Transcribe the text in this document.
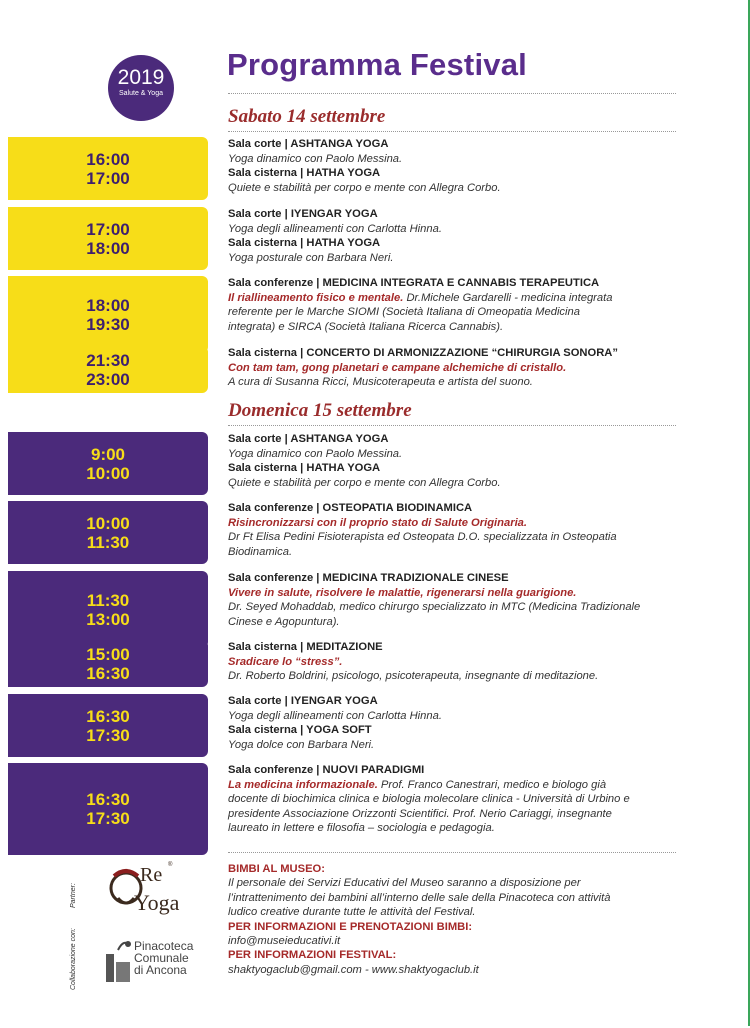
2019
Salute & Yoga
Programma Festival
Sabato 14 settembre
Domenica 15 settembre
16:00
17:00
Sala corte | ASHTANGA YOGA
Yoga dinamico con Paolo Messina.
Sala cisterna | HATHA YOGA
Quiete e stabilità per corpo e mente con Allegra Corbo.
17:00
18:00
Sala corte | IYENGAR YOGA
Yoga degli allineamenti con Carlotta Hinna.
Sala cisterna | HATHA YOGA
Yoga posturale con Barbara Neri.
18:00
19:30
Sala conferenze | MEDICINA INTEGRATA E CANNABIS TERAPEUTICA
Il riallineamento fisico e mentale. Dr.Michele Gardarelli - medicina integrata
referente per le Marche SIOMI (Società Italiana di Omeopatia Medicina
integrata) e SIRCA (Società Italiana Ricerca Cannabis).
21:30
23:00
Sala cisterna | CONCERTO DI ARMONIZZAZIONE “CHIRURGIA SONORA”
Con tam tam, gong planetari e campane alchemiche di cristallo.
A cura di Susanna Ricci, Musicoterapeuta e artista del suono.
9:00
10:00
Sala corte | ASHTANGA YOGA
Yoga dinamico con Paolo Messina.
Sala cisterna | HATHA YOGA
Quiete e stabilità per corpo e mente con Allegra Corbo.
10:00
11:30
Sala conferenze | OSTEOPATIA BIODINAMICA
Risincronizzarsi con il proprio stato di Salute Originaria.
Dr Ft Elisa Pedini Fisioterapista ed Osteopata D.O. specializzata in Osteopatia
Biodinamica.
11:30
13:00
Sala conferenze | MEDICINA TRADIZIONALE CINESE
Vivere in salute, risolvere le malattie, rigenerarsi nella guarigione.
Dr. Seyed Mohaddab, medico chirurgo specializzato in MTC (Medicina Tradizionale
Cinese e Agopuntura).
15:00
16:30
Sala cisterna | MEDITAZIONE
Sradicare lo “stress”.
Dr. Roberto Boldrini, psicologo, psicoterapeuta, insegnante di meditazione.
16:30
17:30
Sala corte | IYENGAR YOGA
Yoga degli allineamenti con Carlotta Hinna.
Sala cisterna | YOGA SOFT
Yoga dolce con Barbara Neri.
16:30
17:30
Sala conferenze | NUOVI PARADIGMI
La medicina informazionale. Prof. Franco Canestrari, medico e biologo già
docente di biochimica clinica e biologia molecolare clinica - Università di Urbino e
presidente Associazione Orizzonti Scientifici. Prof. Nerio Cariaggi, insegnante
laureato in lettere e filosofia – sociologia e pedagogia.
Partner:
Collaborazione con:
Re ®
Yoga
Pinacoteca
Comunale
di Ancona
BIMBI AL MUSEO:
Il personale dei Servizi Educativi del Museo saranno a disposizione per
l’intrattenimento dei bambini all’interno delle sale della Pinacoteca con attività
ludico creative durante tutte le attività del Festival.
PER INFORMAZIONI E PRENOTAZIONI BIMBI:
info@museieducativi.it
PER INFORMAZIONI FESTIVAL:
shaktyogaclub@gmail.com - www.shaktyogaclub.it
